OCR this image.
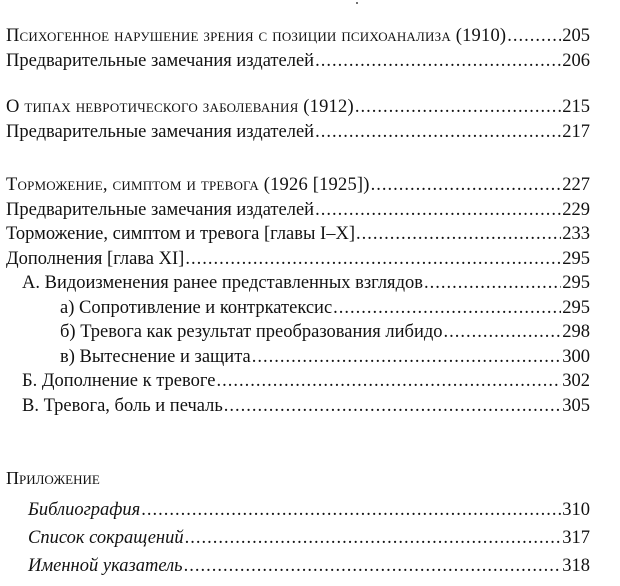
Психогенное нарушение зрения с позиции психоанализа (1910) .....	205
Предварительные замечания издателей .....	206
О типах невротического заболевания (1912) .....	215
Предварительные замечания издателей .....	217
Торможение, симптом и тревога (1926 [1925]) .....	227
Предварительные замечания издателей .....	229
Торможение, симптом и тревога [главы I–X] .....	233
Дополнения [глава XI] .....	295
А. Видоизменения ранее представленных взглядов .....	295
а) Сопротивление и контркатексис .....	295
б) Тревога как результат преобразования либидо .....	298
в) Вытеснение и защита .....	300
Б. Дополнение к тревоге .....	302
В. Тревога, боль и печаль .....	305
Приложение
Библиография .....	310
Список сокращений .....	317
Именной указатель .....	318
